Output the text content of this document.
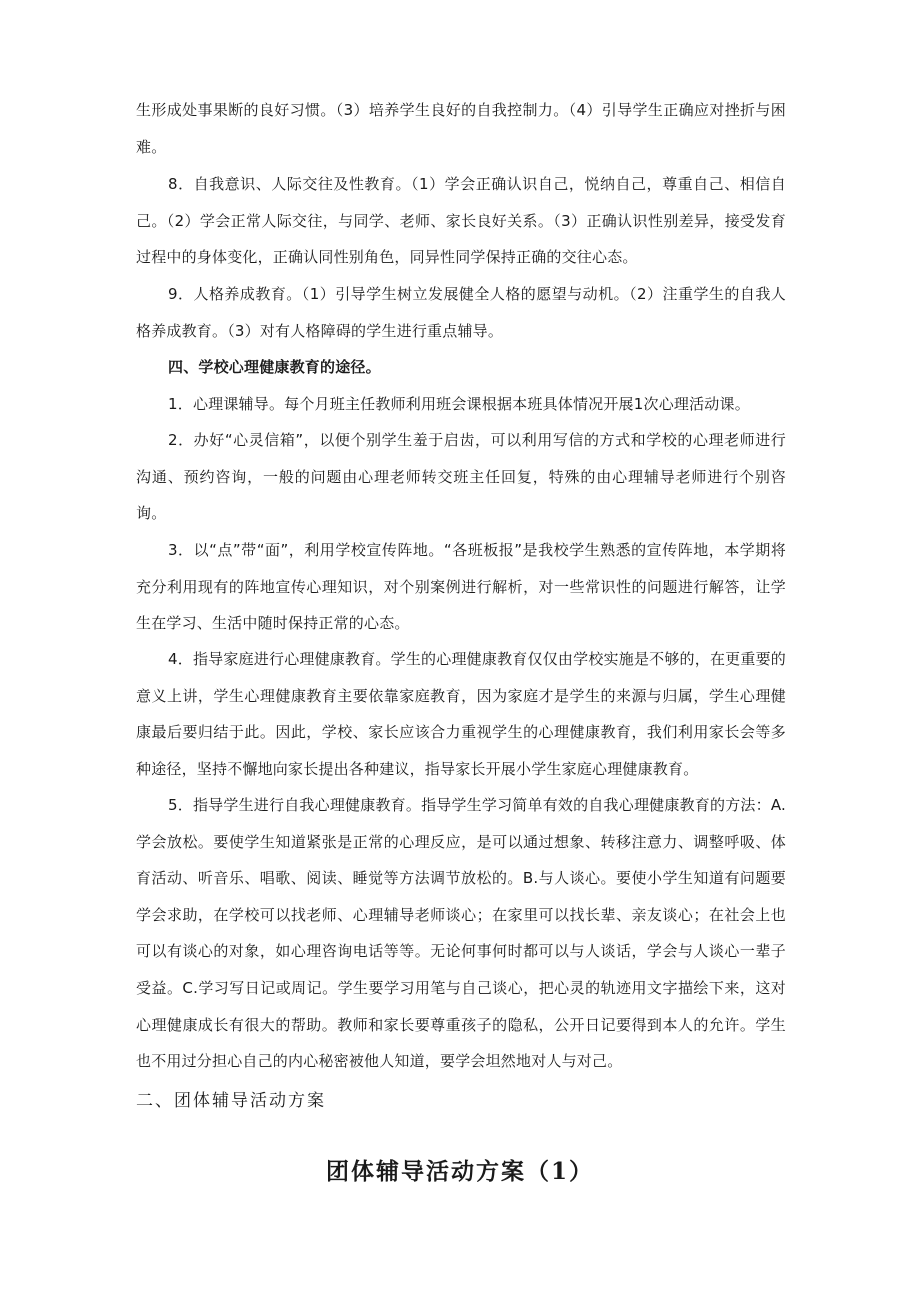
生形成处事果断的良好习惯。（3）培养学生良好的自我控制力。（4）引导学生正确应对挫折与困难。

8．自我意识、人际交往及性教育。（1）学会正确认识自己，悦纳自己，尊重自己、相信自己。（2）学会正常人际交往，与同学、老师、家长良好关系。（3）正确认识性别差异，接受发育过程中的身体变化，正确认同性别角色，同异性同学保持正确的交往心态。

9．人格养成教育。（1）引导学生树立发展健全人格的愿望与动机。（2）注重学生的自我人格养成教育。（3）对有人格障碍的学生进行重点辅导。

四、学校心理健康教育的途径。

1．心理课辅导。每个月班主任教师利用班会课根据本班具体情况开展1次心理活动课。

2．办好“心灵信箱”，以便个别学生羞于启齿，可以利用写信的方式和学校的心理老师进行沟通、预约咨询，一般的问题由心理老师转交班主任回复，特殊的由心理辅导老师进行个别咨询。

3．以“点”带“面”，利用学校宣传阵地。“各班板报”是我校学生熟悉的宣传阵地，本学期将充分利用现有的阵地宣传心理知识，对个别案例进行解析，对一些常识性的问题进行解答，让学生在学习、生活中随时保持正常的心态。

4．指导家庭进行心理健康教育。学生的心理健康教育仅仅由学校实施是不够的，在更重要的意义上讲，学生心理健康教育主要依靠家庭教育，因为家庭才是学生的来源与归属，学生心理健康最后要归结于此。因此，学校、家长应该合力重视学生的心理健康教育，我们利用家长会等多种途径，坚持不懈地向家长提出各种建议，指导家长开展小学生家庭心理健康教育。

5．指导学生进行自我心理健康教育。指导学生学习简单有效的自我心理健康教育的方法：A.学会放松。要使学生知道紧张是正常的心理反应，是可以通过想象、转移注意力、调整呼吸、体育活动、听音乐、唱歌、阅读、睡觉等方法调节放松的。B.与人谈心。要使小学生知道有问题要学会求助，在学校可以找老师、心理辅导老师谈心；在家里可以找长辈、亲友谈心；在社会上也可以有谈心的对象，如心理咨询电话等等。无论何事何时都可以与人谈话，学会与人谈心一辈子受益。C.学习写日记或周记。学生要学习用笔与自己谈心，把心灵的轨迹用文字描绘下来，这对心理健康成长有很大的帮助。教师和家长要尊重孩子的隐私，公开日记要得到本人的允许。学生也不用过分担心自己的内心秘密被他人知道，要学会坦然地对人与对己。

二、团体辅导活动方案

团体辅导活动方案（1）
